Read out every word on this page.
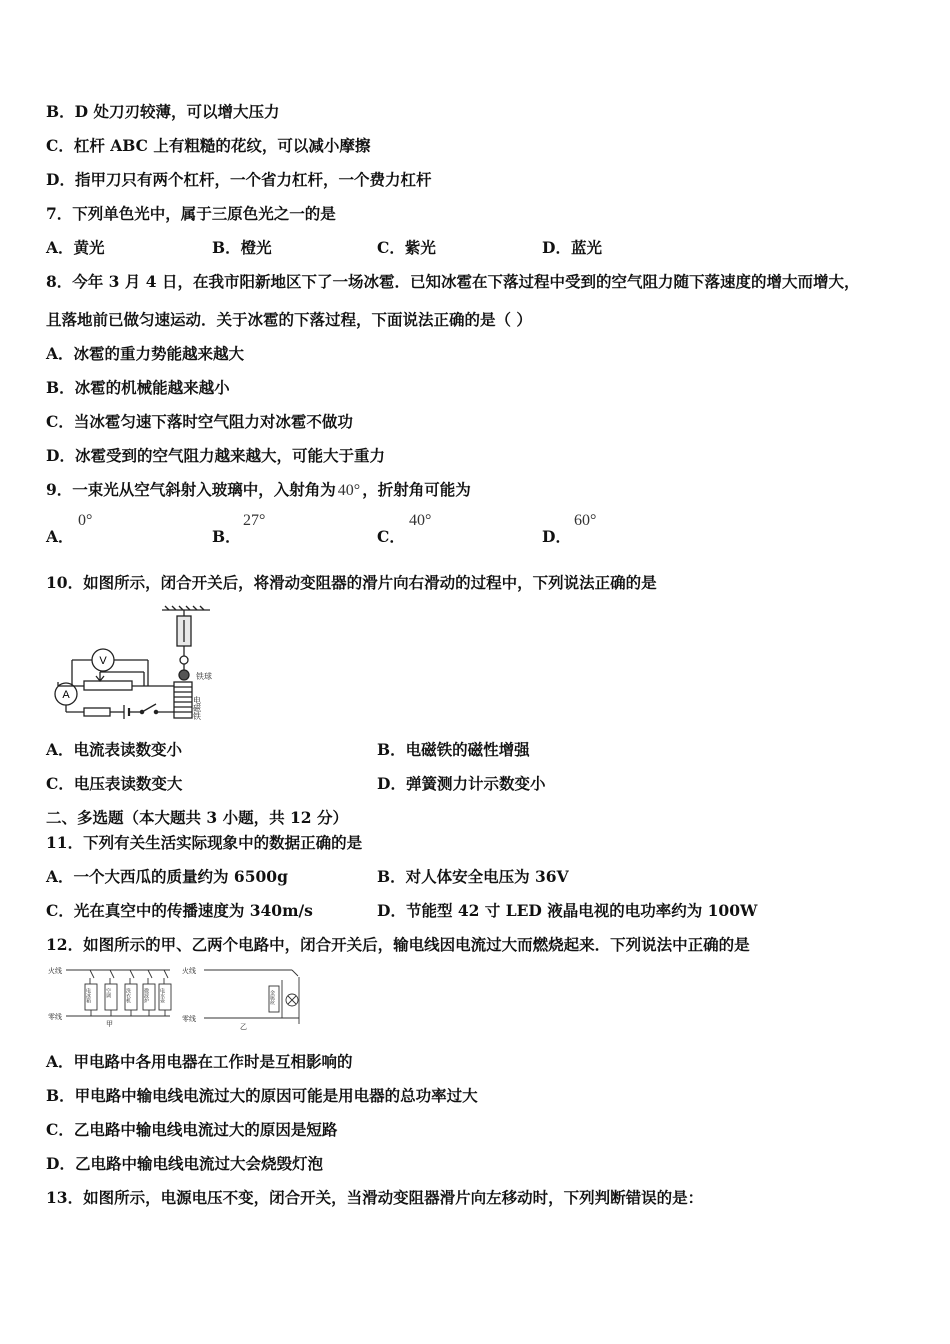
B．D 处刀刃较薄，可以增大压力
C．杠杆 ABC 上有粗糙的花纹，可以减小摩擦
D．指甲刀只有两个杠杆，一个省力杠杆，一个费力杠杆
7．下列单色光中，属于三原色光之一的是
A．黄光	B．橙光	C．紫光	D．蓝光
8．今年 3 月 4 日，在我市阳新地区下了一场冰雹．已知冰雹在下落过程中受到的空气阻力随下落速度的增大而增大，
且落地前已做匀速运动．关于冰雹的下落过程，下面说法正确的是（ ）
A．冰雹的重力势能越来越大
B．冰雹的机械能越来越小
C．当冰雹匀速下落时空气阻力对冰雹不做功
D．冰雹受到的空气阻力越来越大，可能大于重力
9．一束光从空气斜射入玻璃中，入射角为 40° ，折射角可能为
A．
0°
B．
27°
C．
40°
D．
60°
10．如图所示，闭合开关后，将滑动变阻器的滑片向右滑动的过程中，下列说法正确的是
V
A
铁球
电磁铁
A．电流表读数变小	B．电磁铁的磁性增强
C．电压表读数变大	D．弹簧测力计示数变小
二、多选题（本大题共 3 小题，共 12 分）
11．下列有关生活实际现象中的数据正确的是
A．一个大西瓜的质量约为 6500g	B．对人体安全电压为 36V
C．光在真空中的传播速度为 340m/s	D．节能型 42 寸 LED 液晶电视的电功率约为 100W
12．如图所示的甲、乙两个电路中，闭合开关后，输电线因电流过大而燃烧起来．下列说法中正确的是
火线
零线
甲
火线
零线
乙
电冰箱	空调	洗衣机 微波炉 电水壶	金属丝
A．甲电路中各用电器在工作时是互相影响的
B．甲电路中输电线电流过大的原因可能是用电器的总功率过大
C．乙电路中输电线电流过大的原因是短路
D．乙电路中输电线电流过大会烧毁灯泡
13．如图所示，电源电压不变，闭合开关，当滑动变阻器滑片向左移动时，下列判断错误的是：
